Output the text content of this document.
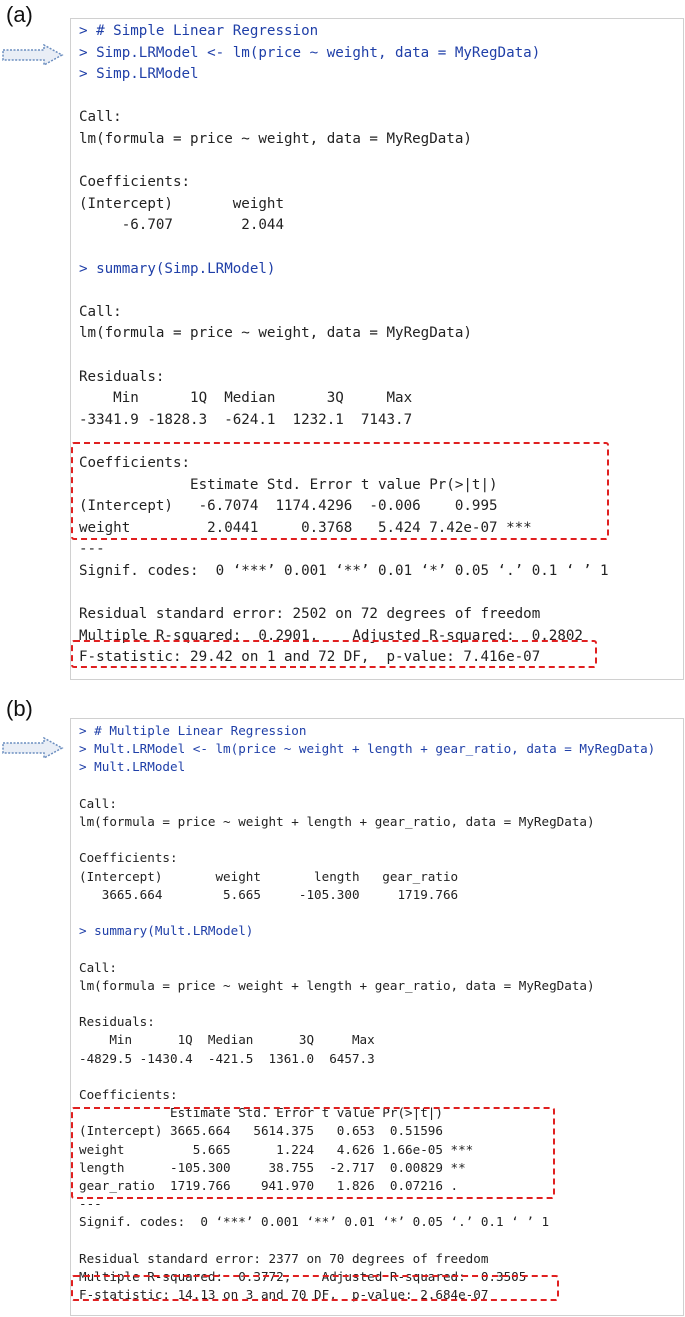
(a)
> # Simple Linear Regression
> Simp.LRModel <- lm(price ~ weight, data = MyRegData)
> Simp.LRModel
Call:
lm(formula = price ~ weight, data = MyRegData)
Coefficients:
(Intercept)       weight
-6.707        2.044
> summary(Simp.LRModel)
Call:
lm(formula = price ~ weight, data = MyRegData)
Residuals:
Min      1Q  Median      3Q     Max
-3341.9 -1828.3  -624.1  1232.1  7143.7
Coefficients:
Estimate Std. Error t value Pr(>|t|)
(Intercept)   -6.7074  1174.4296  -0.006    0.995
weight         2.0441     0.3768   5.424 7.42e-07 ***
---
Signif. codes:  0 ‘***’ 0.001 ‘**’ 0.01 ‘*’ 0.05 ‘.’ 0.1 ‘ ’ 1
Residual standard error: 2502 on 72 degrees of freedom
Multiple R-squared:  0.2901,    Adjusted R-squared:  0.2802
F-statistic: 29.42 on 1 and 72 DF,  p-value: 7.416e-07
(b)
> # Multiple Linear Regression
> Mult.LRModel <- lm(price ~ weight + length + gear_ratio, data = MyRegData)
> Mult.LRModel
Call:
lm(formula = price ~ weight + length + gear_ratio, data = MyRegData)
Coefficients:
(Intercept)       weight       length   gear_ratio
3665.664        5.665     -105.300     1719.766
> summary(Mult.LRModel)
Call:
lm(formula = price ~ weight + length + gear_ratio, data = MyRegData)
Residuals:
Min      1Q  Median      3Q     Max
-4829.5 -1430.4  -421.5  1361.0  6457.3
Coefficients:
Estimate Std. Error t value Pr(>|t|)
(Intercept) 3665.664   5614.375   0.653  0.51596
weight         5.665      1.224   4.626 1.66e-05 ***
length      -105.300     38.755  -2.717  0.00829 **
gear_ratio  1719.766    941.970   1.826  0.07216 .
---
Signif. codes:  0 ‘***’ 0.001 ‘**’ 0.01 ‘*’ 0.05 ‘.’ 0.1 ‘ ’ 1
Residual standard error: 2377 on 70 degrees of freedom
Multiple R-squared:  0.3772,    Adjusted R-squared:  0.3505
F-statistic: 14.13 on 3 and 70 DF,  p-value: 2.684e-07
